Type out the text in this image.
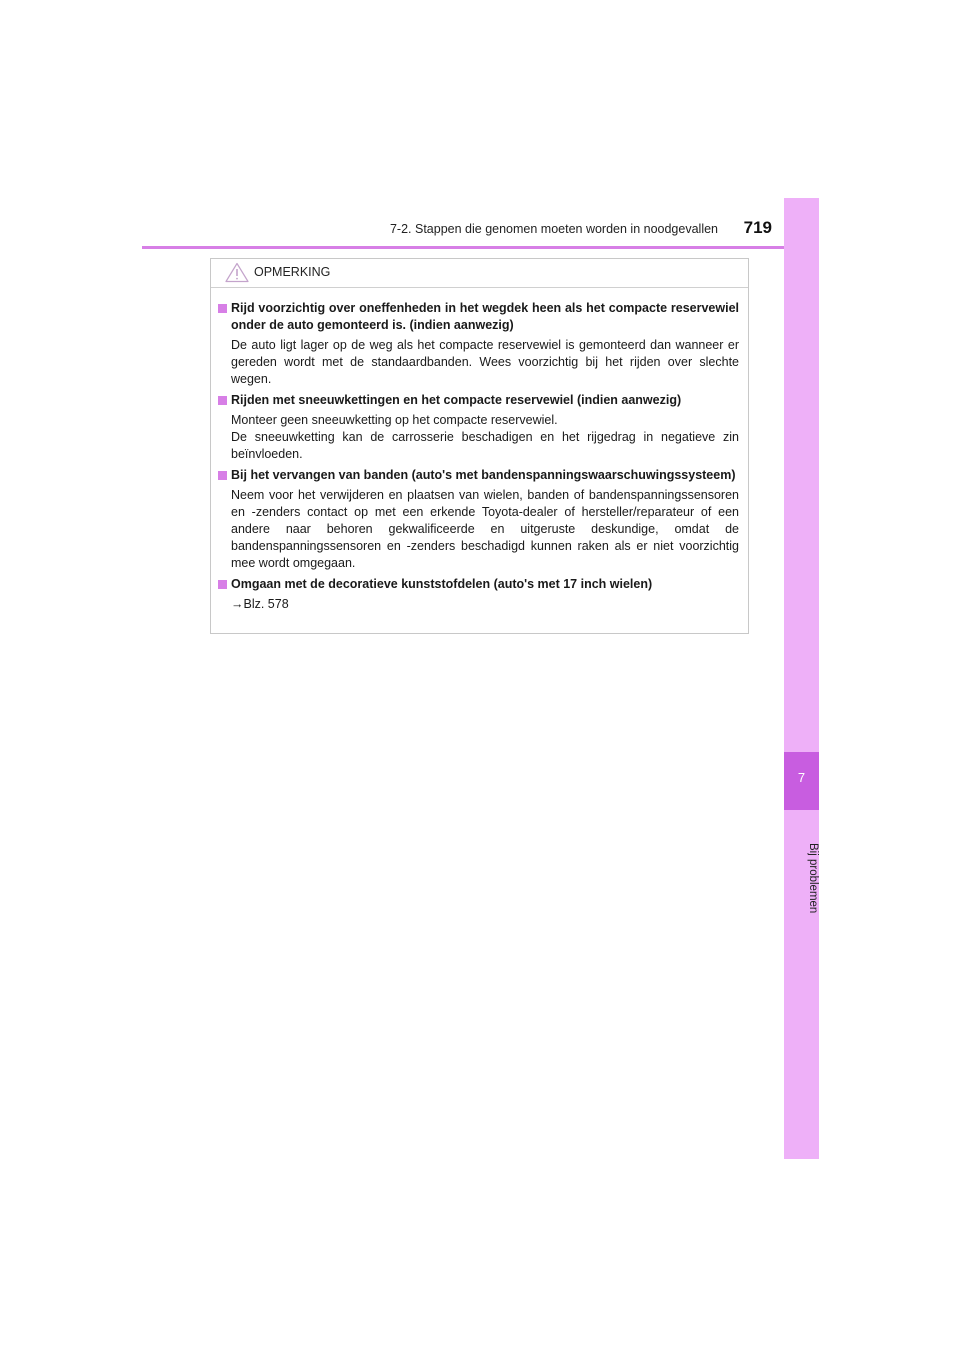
7-2. Stappen die genomen moeten worden in noodgevallen 719
7
Bij problemen
OPMERKING
Rijd voorzichtig over oneffenheden in het wegdek heen als het compacte reservewiel onder de auto gemonteerd is. (indien aanwezig)

De auto ligt lager op de weg als het compacte reservewiel is gemonteerd dan wanneer er gereden wordt met de standaardbanden. Wees voorzichtig bij het rijden over slechte wegen.

Rijden met sneeuwkettingen en het compacte reservewiel (indien aanwezig)

Monteer geen sneeuwketting op het compacte reservewiel.

De sneeuwketting kan de carrosserie beschadigen en het rijgedrag in negatieve zin beïnvloeden.

Bij het vervangen van banden (auto's met bandenspanningswaarschuwingssysteem)

Neem voor het verwijderen en plaatsen van wielen, banden of bandenspanningssensoren en -zenders contact op met een erkende Toyota-dealer of hersteller/reparateur of een andere naar behoren gekwalificeerde en uitgeruste deskundige, omdat de bandenspanningssensoren en -zenders beschadigd kunnen raken als er niet voorzichtig mee wordt omgegaan.

Omgaan met de decoratieve kunststofdelen (auto's met 17 inch wielen)

→Blz. 578
